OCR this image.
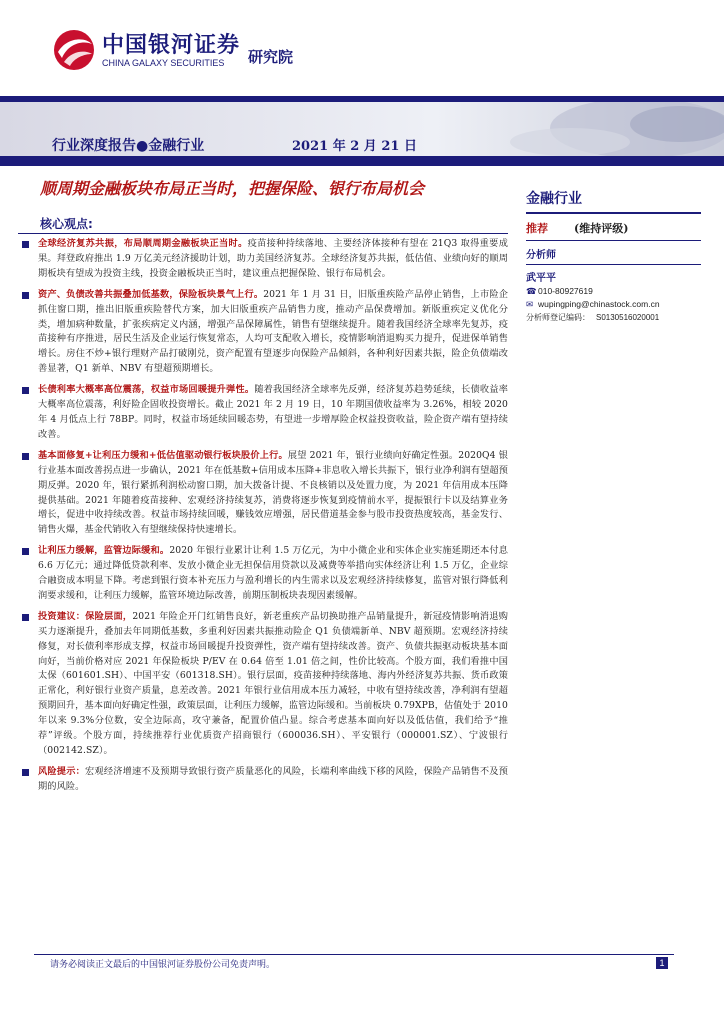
中国银河证券
CHINA GALAXY SECURITIES 研究院
行业深度报告●金融行业	2021 年 2 月 21 日
顺周期金融板块布局正当时，把握保险、银行布局机会
金融行业
推荐 (维持评级)
分析师
武平平
☎010-80927619
✉ wupingping@chinastock.com.cn
分析师登记编码： S0130516020001
核心观点:
全球经济复苏共振，布局顺周期金融板块正当时。疫苗接种持续落地、主要经济体接种有望在 21Q3 取得重要成果。拜登政府推出 1.9 万亿美元经济援助计划，助力美国经济复苏。全球经济复苏共振，低估值、业绩向好的顺周期板块有望成为投资主线，投资金融板块正当时，建议重点把握保险、银行布局机会。
资产、负债改善共振叠加低基数，保险板块景气上行。2021 年 1 月 31 日，旧版重疾险产品停止销售，上市险企抓住窗口期，推出旧版重疾险替代方案，加大旧版重疾产品销售力度，推动产品保费增加。新版重疾定义优化分类，增加病种数量，扩张疾病定义内涵，增强产品保障属性，销售有望继续提升。随着我国经济全球率先复苏，疫苗接种有序推进，居民生活及企业运行恢复常态，人均可支配收入增长，疫情影响消退购买力提升，促进保单销售增长。房住不炒+银行理财产品打破刚兑，资产配置有望逐步向保险产品倾斜，各种利好因素共振，险企负债端改善显著，Q1 新单、NBV 有望超预期增长。
长债利率大概率高位震荡，权益市场回暖提升弹性。随着我国经济全球率先反弹，经济复苏趋势延续，长债收益率大概率高位震荡，利好险企固收投资增长。截止 2021 年 2 月 19 日，10 年期国债收益率为 3.26%，相较 2020 年 4 月低点上行 78BP。同时，权益市场延续回暖态势，有望进一步增厚险企权益投资收益，险企资产端有望持续改善。
基本面修复+让利压力缓和+低估值驱动银行板块股价上行。展望 2021 年，银行业绩向好确定性强。2020Q4 银行业基本面改善拐点进一步确认，2021 年在低基数+信用成本压降+非息收入增长共振下，银行业净利润有望超预期反弹。2020 年，银行紧抓利润松动窗口期，加大拨备计提、不良核销以及处置力度，为 2021 年信用成本压降提供基础。2021 年随着疫苗接种、宏观经济持续复苏，消费将逐步恢复到疫情前水平，提振银行卡以及结算业务增长，促进中收持续改善。权益市场持续回暖，赚钱效应增强，居民借道基金参与股市投资热度较高，基金发行、销售火爆，基金代销收入有望继续保持快速增长。
让利压力缓解，监管边际缓和。2020 年银行业累计让利 1.5 万亿元，为中小微企业和实体企业实施延期还本付息 6.6 万亿元；通过降低贷款利率、发放小微企业无担保信用贷款以及减费等举措向实体经济让利 1.5 万亿，企业综合融资成本明显下降。考虑到银行资本补充压力与盈利增长的内生需求以及宏观经济持续修复，监管对银行降低利润要求缓和，让利压力缓解，监管环境边际改善，前期压制板块表现因素缓解。
投资建议：保险层面，2021 年险企开门红销售良好，新老重疾产品切换助推产品销量提升，新冠疫情影响消退购买力逐渐提升，叠加去年同期低基数，多重利好因素共振推动险企 Q1 负债端新单、NBV 超预期。宏观经济持续修复，对长债利率形成支撑，权益市场回暖提升投资弹性，资产端有望持续改善。资产、负债共振驱动板块基本面向好，当前价格对应 2021 年保险板块 P/EV 在 0.64 倍至 1.01 倍之间，性价比较高。个股方面，我们看推中国太保（601601.SH）、中国平安（601318.SH）。银行层面，疫苗接种持续落地、海内外经济复苏共振、货币政策正常化，利好银行业资产质量，息差改善。2021 年银行业信用成本压力减轻，中收有望持续改善，净利润有望超预期回升，基本面向好确定性强，政策层面，让利压力缓解，监管边际缓和。当前板块 0.79XPB，估值处于 2010 年以来 9.3%分位数，安全边际高，攻守兼备，配置价值凸显。综合考虑基本面向好以及低估值，我们给予“推荐”评级。个股方面，持续推荐行业优质资产招商银行（600036.SH）、平安银行（000001.SZ）、宁波银行（002142.SZ）。
风险提示：宏观经济增速不及预期导致银行资产质量恶化的风险，长端利率曲线下移的风险，保险产品销售不及预期的风险。
请务必阅读正文最后的中国银河证券股份公司免责声明。	1
